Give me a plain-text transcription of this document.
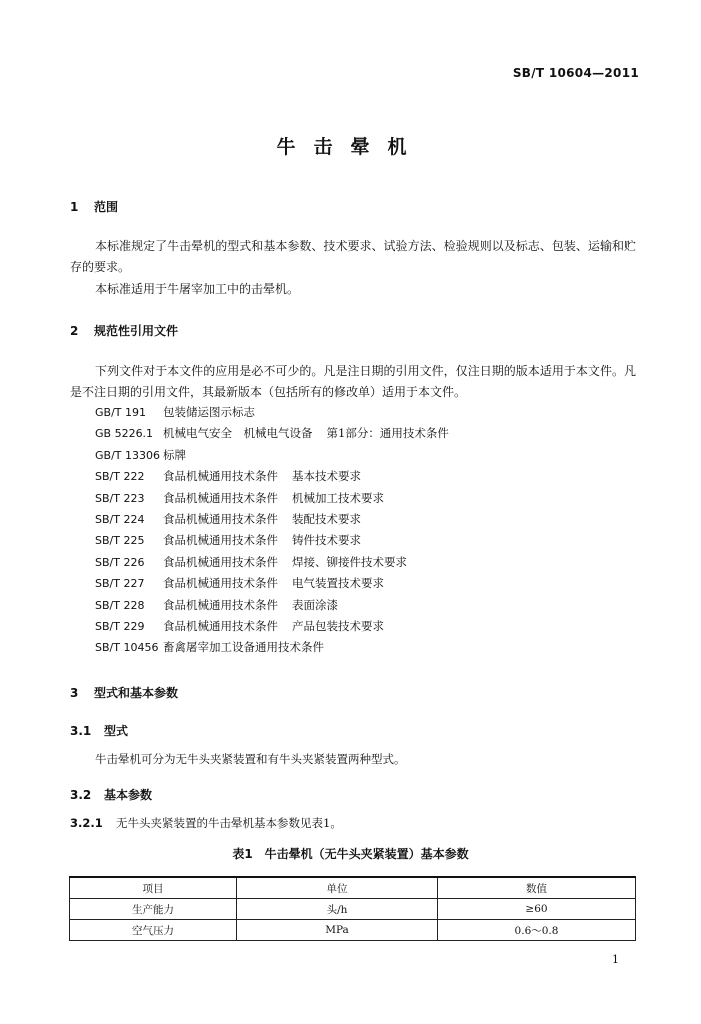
SB/T 10604—2011
牛击晕机
1 范围
本标准规定了牛击晕机的型式和基本参数、技术要求、试验方法、检验规则以及标志、包装、运输和贮存的要求。
本标准适用于牛屠宰加工中的击晕机。
2 规范性引用文件
下列文件对于本文件的应用是必不可少的。凡是注日期的引用文件，仅注日期的版本适用于本文件。凡是不注日期的引用文件，其最新版本（包括所有的修改单）适用于本文件。
GB/T 191 包装储运图示标志
GB 5226.1 机械电气安全　机械电气设备 第1部分：通用技术条件
GB/T 13306 标牌
SB/T 222 食品机械通用技术条件 基本技术要求
SB/T 223 食品机械通用技术条件 机械加工技术要求
SB/T 224 食品机械通用技术条件 装配技术要求
SB/T 225 食品机械通用技术条件 铸件技术要求
SB/T 226 食品机械通用技术条件 焊接、铆接件技术要求
SB/T 227 食品机械通用技术条件 电气装置技术要求
SB/T 228 食品机械通用技术条件 表面涂漆
SB/T 229 食品机械通用技术条件 产品包装技术要求
SB/T 10456 畜禽屠宰加工设备通用技术条件
3 型式和基本参数
3.1 型式
牛击晕机可分为无牛头夹紧装置和有牛头夹紧装置两种型式。
3.2 基本参数
3.2.1 无牛头夹紧装置的牛击晕机基本参数见表1。
表1　牛击晕机（无牛头夹紧装置）基本参数
项目	单位	数值
生产能力	头/h	≥60
空气压力	MPa	0.6～0.8
1
